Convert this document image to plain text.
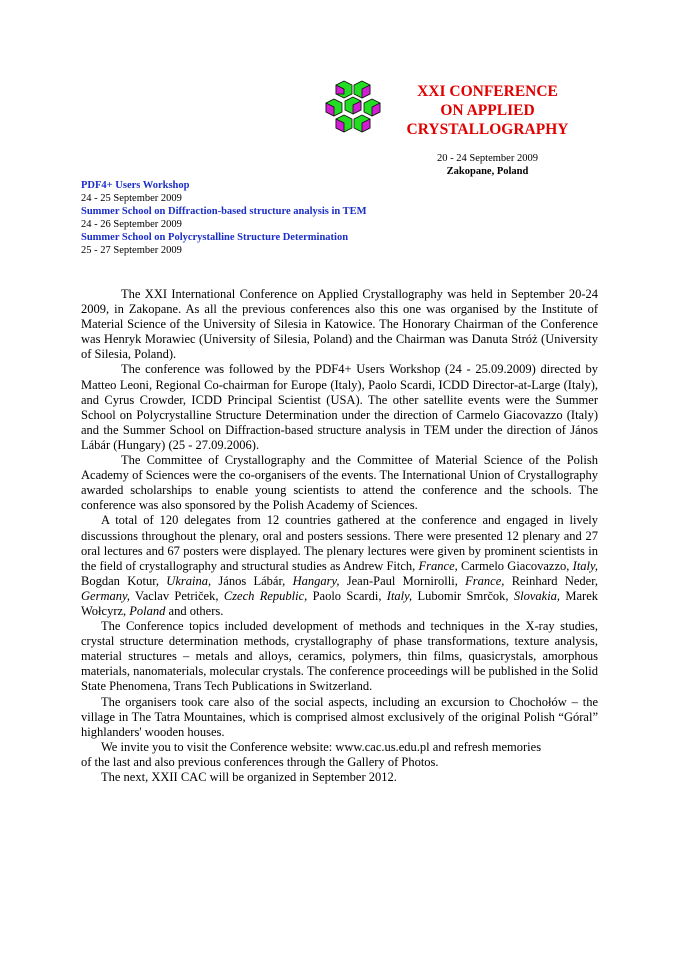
XXI CONFERENCE
ON APPLIED
CRYSTALLOGRAPHY
20 - 24 September 2009
Zakopane, Poland
PDF4+ Users Workshop
24 - 25 September 2009
Summer School on Diffraction-based structure analysis in TEM
24 - 26 September 2009
Summer School on Polycrystalline Structure Determination
25 - 27 September 2009

The XXI International Conference on Applied Crystallography was held in September 20-24 2009, in Zakopane. As all the previous conferences also this one was organised by the Institute of Material Science of the University of Silesia in Katowice. The Honorary Chairman of the Conference was Henryk Morawiec (University of Silesia, Poland) and the Chairman was Danuta Stróż (University of Silesia, Poland).

The conference was followed by the PDF4+ Users Workshop (24 - 25.09.2009) directed by Matteo Leoni, Regional Co-chairman for Europe (Italy), Paolo Scardi, ICDD Director-at-Large (Italy), and Cyrus Crowder, ICDD Principal Scientist (USA). The other satellite events were the Summer School on Polycrystalline Structure Determination under the direction of Carmelo Giacovazzo (Italy) and the Summer School on Diffraction-based structure analysis in TEM under the direction of János Lábár (Hungary) (25 - 27.09.2006).

The Committee of Crystallography and the Committee of Material Science of the Polish Academy of Sciences were the co-organisers of the events. The International Union of Crystallography awarded scholarships to enable young scientists to attend the conference and the schools. The conference was also sponsored by the Polish Academy of Sciences.

A total of 120 delegates from 12 countries gathered at the conference and engaged in lively discussions throughout the plenary, oral and posters sessions. There were presented 12 plenary and 27 oral lectures and 67 posters were displayed. The plenary lectures were given by prominent scientists in the field of crystallography and structural studies as Andrew Fitch, France, Carmelo Giacovazzo, Italy, Bogdan Kotur, Ukraina, János Lábár, Hangary, Jean-Paul Mornirolli, France, Reinhard Neder, Germany, Vaclav Petriček, Czech Republic, Paolo Scardi, Italy, Lubomir Smrčok, Slovakia, Marek Wołcyrz, Poland and others.

The Conference topics included development of methods and techniques in the X-ray studies, crystal structure determination methods, crystallography of phase transformations, texture analysis, material structures – metals and alloys, ceramics, polymers, thin films, quasicrystals, amorphous materials, nanomaterials, molecular crystals. The conference proceedings will be published in the Solid State Phenomena, Trans Tech Publications in Switzerland.

The organisers took care also of the social aspects, including an excursion to Chochołów – the village in The Tatra Mountaines, which is comprised almost exclusively of the original Polish “Góral” highlanders' wooden houses.

We invite you to visit the Conference website: www.cac.us.edu.pl and refresh memories

of the last and also previous conferences through the Gallery of Photos.

The next, XXII CAC will be organized in September 2012.
